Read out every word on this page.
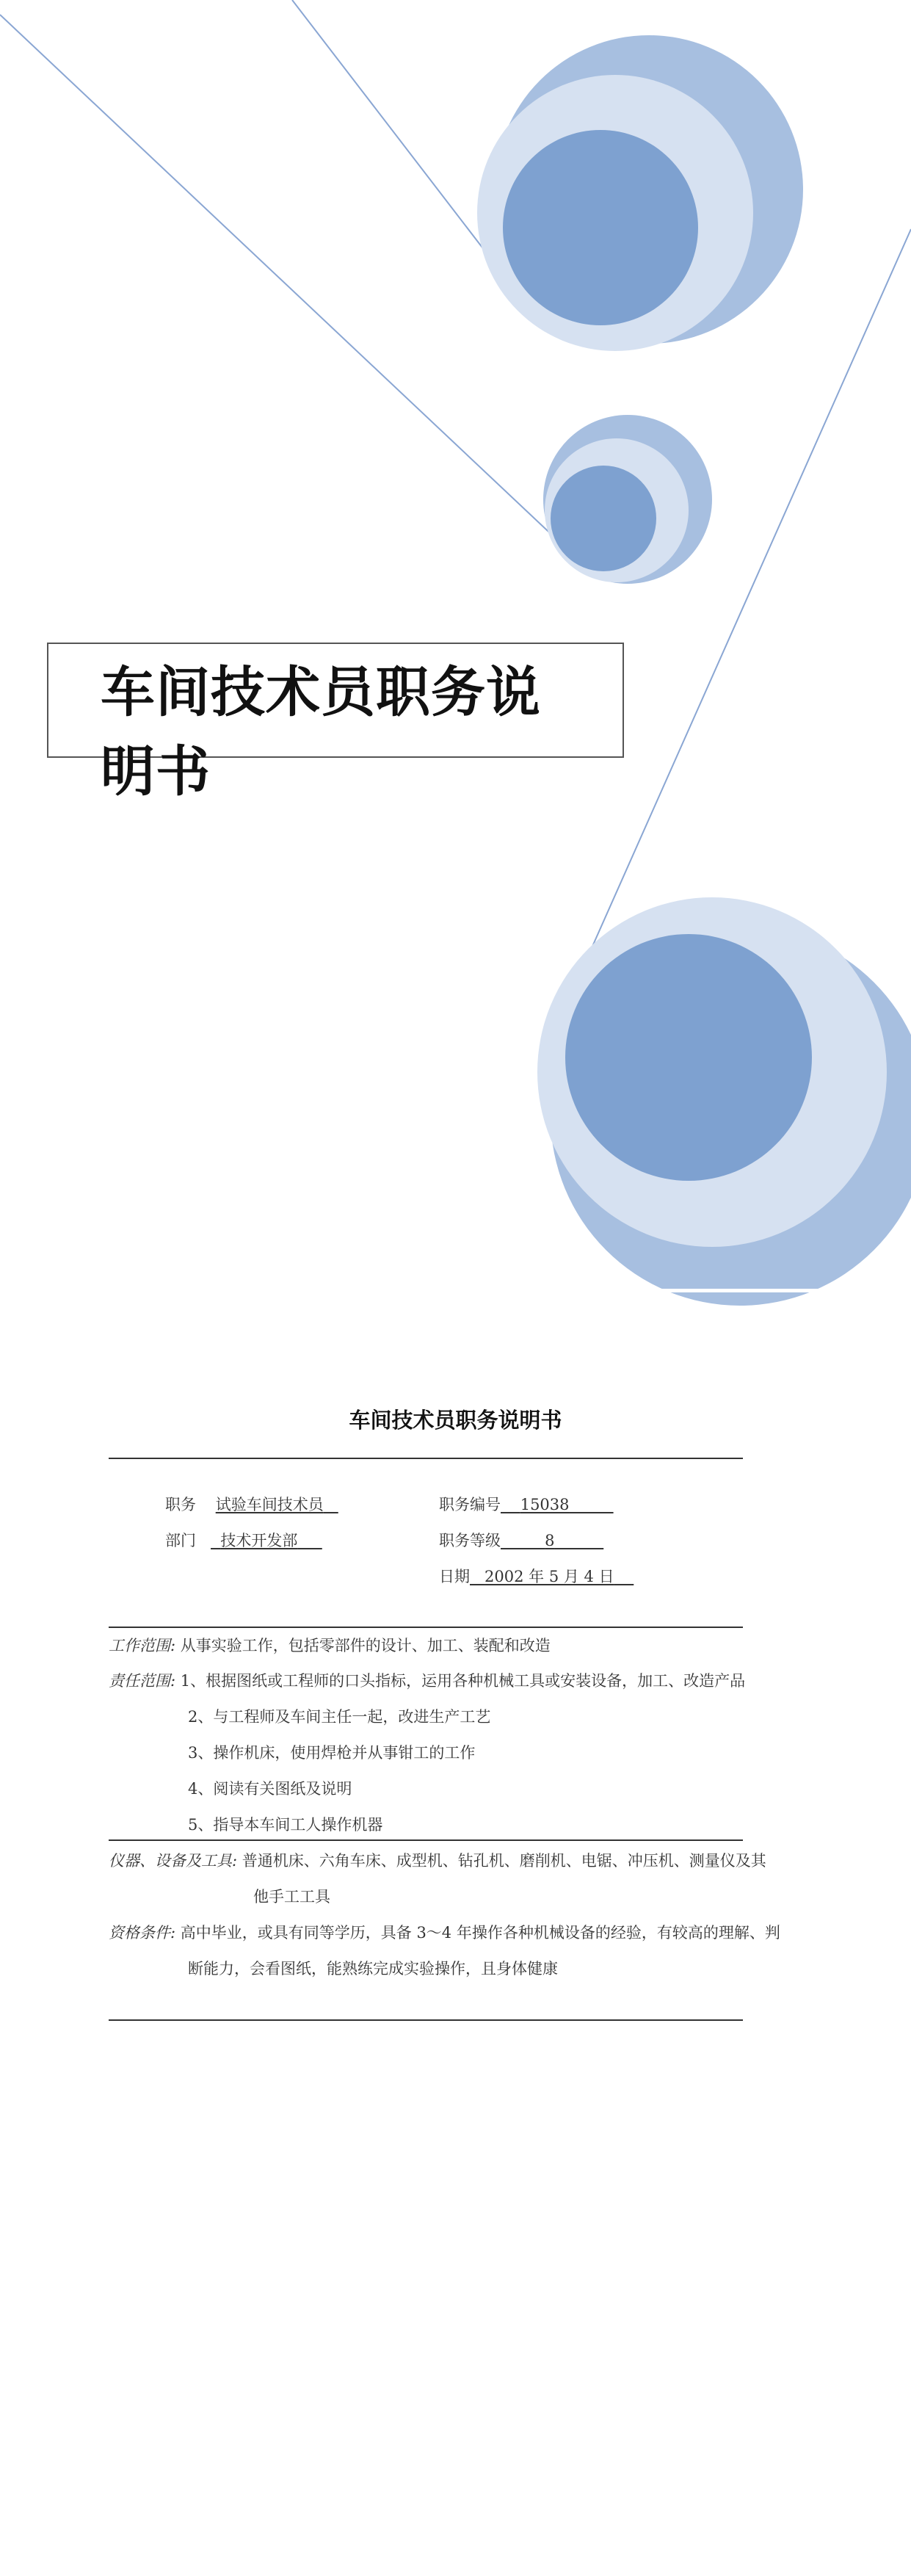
车间技术员职务说明书
车间技术员职务说明书
职务 试验车间技术员	职务编号 15038
部门 技术开发部	职务等级	8
日期 2002 年 5 月 4 日
工作范围: 从事实验工作，包括零部件的设计、加工、装配和改造
责任范围: 1、根据图纸或工程师的口头指标，运用各种机械工具或安装设备，加工、改造产品
2、与工程师及车间主任一起，改进生产工艺
3、操作机床，使用焊枪并从事钳工的工作
4、阅读有关图纸及说明
5、指导本车间工人操作机器
仪器、设备及工具: 普通机床、六角车床、成型机、钻孔机、磨削机、电锯、冲压机、测量仪及其
他手工工具
资格条件: 高中毕业，或具有同等学历，具备 3～4 年操作各种机械设备的经验，有较高的理解、判
断能力，会看图纸，能熟练完成实验操作，且身体健康
